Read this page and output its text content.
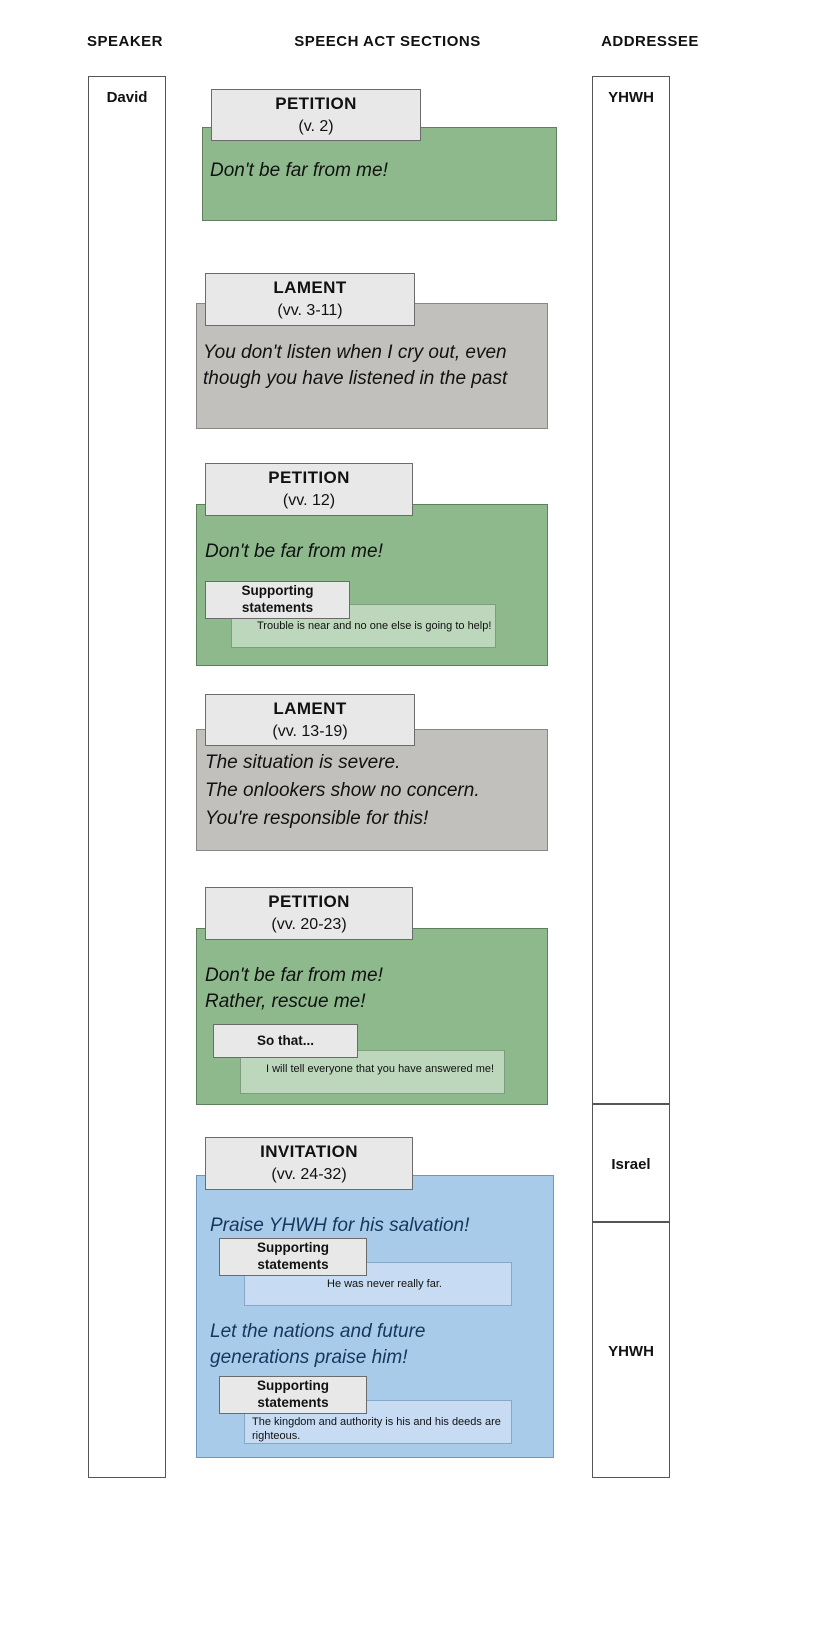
SPEAKER	SPEECH ACT SECTIONS	ADDRESSEE
David	YHWH
Israel
YHWH
PETITION
(v. 2)
Don't be far from me!
LAMENT
(vv. 3-11)
You don't listen when I cry out, even
though you have listened in the past
PETITION
(vv. 12)
Don't be far from me!
Supporting statements
Trouble is near and no one else is going to help!
LAMENT
(vv. 13-19)
The situation is severe.
The onlookers show no concern.
You're responsible for this!
PETITION
(vv. 20-23)
Don't be far from me!
Rather, rescue me!
So that...
I will tell everyone that you have answered me!
INVITATION
(vv. 24-32)
Praise YHWH for his salvation!
Supporting statements
He was never really far.
Let the nations and future
generations praise him!
Supporting statements
The kingdom and authority is his and his deeds are righteous.
